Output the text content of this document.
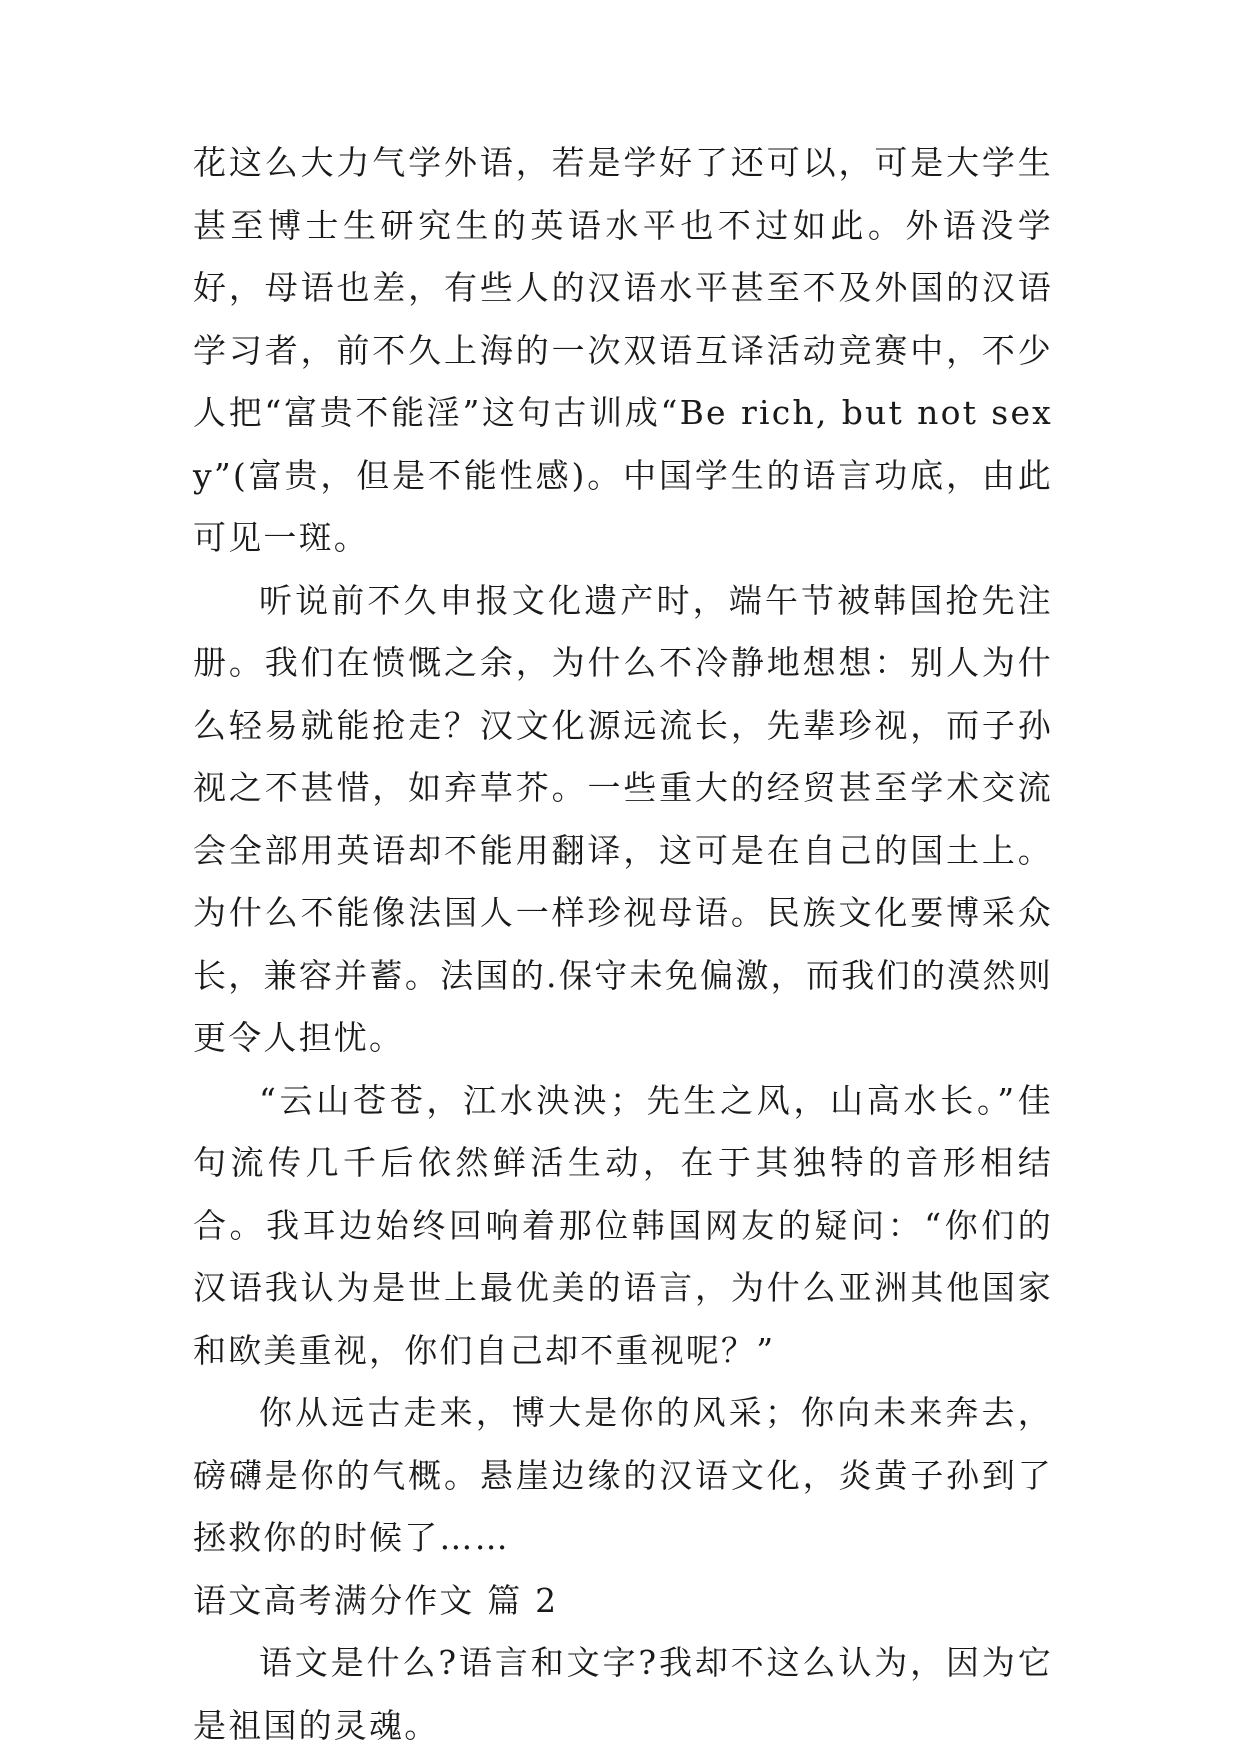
花这么大力气学外语，若是学好了还可以，可是大学生甚至博士生研究生的英语水平也不过如此。外语没学好，母语也差，有些人的汉语水平甚至不及外国的汉语学习者，前不久上海的一次双语互译活动竞赛中，不少人把“富贵不能淫”这句古训成“Be rich, but not sexy”(富贵，但是不能性感)。中国学生的语言功底，由此可见一斑。

听说前不久申报文化遗产时，端午节被韩国抢先注册。我们在愤慨之余，为什么不冷静地想想：别人为什么轻易就能抢走？汉文化源远流长，先辈珍视，而子孙视之不甚惜，如弃草芥。一些重大的经贸甚至学术交流会全部用英语却不能用翻译，这可是在自己的国土上。为什么不能像法国人一样珍视母语。民族文化要博采众长，兼容并蓄。法国的.保守未免偏激，而我们的漠然则更令人担忧。

“云山苍苍，江水泱泱；先生之风，山高水长。”佳句流传几千后依然鲜活生动，在于其独特的音形相结合。我耳边始终回响着那位韩国网友的疑问：“你们的汉语我认为是世上最优美的语言，为什么亚洲其他国家和欧美重视，你们自己却不重视呢？”

你从远古走来，博大是你的风采；你向未来奔去，磅礴是你的气概。悬崖边缘的汉语文化，炎黄子孙到了拯救你的时候了……

语文高考满分作文 篇 2

语文是什么?语言和文字?我却不这么认为，因为它是祖国的灵魂。
